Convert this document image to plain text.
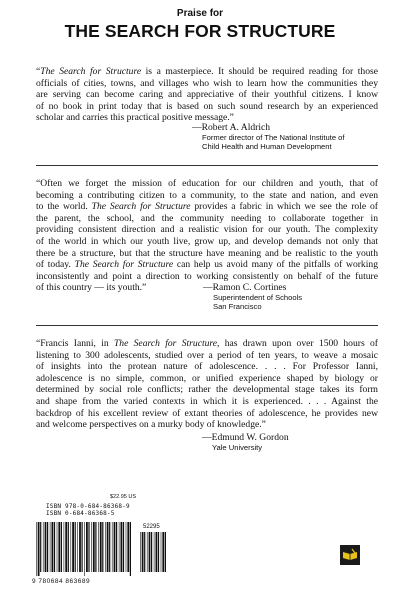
Praise for
THE SEARCH FOR STRUCTURE
“The Search for Structure is a masterpiece. It should be required reading for those
officials of cities, towns, and villages who wish to learn how the communities they
are serving can become caring and appreciative of their youthful citizens. I know
of no book in print today that is based on such sound research by an experienced
scholar and carries this practical positive message.”
—Robert A. Aldrich
Former director of The National Institute of
Child Health and Human Development
“Often we forget the mission of education for our children and youth, that of
becoming a contributing citizen to a community, to the state and nation, and even
to the world. The Search for Structure provides a fabric in which we see the role of
the parent, the school, and the community needing to collaborate together in
providing consistent direction and a realistic vision for our youth. The complexity
of the world in which our youth live, grow up, and develop demands not only that
there be a structure, but that the structure have meaning and be realistic to the youth
of today. The Search for Structure can help us avoid many of the pitfalls of working
inconsistently and point a direction to working consistently on behalf of the future
of this country — its youth.”	—Ramon C. Cortines
Superintendent of Schools
San Francisco
“Francis Ianni, in The Search for Structure, has drawn upon over 1500 hours of
listening to 300 adolescents, studied over a period of ten years, to weave a mosaic
of insights into the protean nature of adolescence. . . . For Professor Ianni,
adolescence is no simple, common, or unified experience shaped by biology or
determined by social role conflicts; rather the developmental stage takes its form
and shape from the varied contexts in which it is experienced. . . . Against the
backdrop of his excellent review of extant theories of adolescence, he provides new
and welcome perspectives on a murky body of knowledge.”
—Edmund W. Gordon
Yale University
$22.95 US
ISBN 978-0-684-86368-9
ISBN 0-684-86368-5
52295
9 780684 863689
